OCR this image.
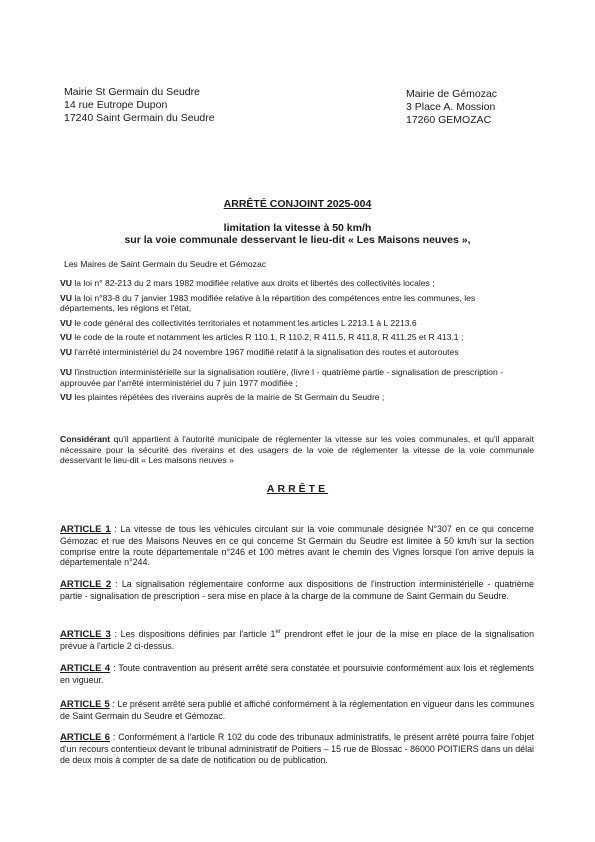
Mairie St Germain du Seudre
14 rue Eutrope Dupon
17240 Saint Germain du Seudre
Mairie de Gémozac
3 Place A. Mossion
17260 GEMOZAC
ARRÊTÉ CONJOINT 2025-004
limitation la vitesse à 50 km/h
sur la voie communale desservant le lieu-dit « Les Maisons neuves »,
Les Maires de Saint Germain du Seudre et Gémozac
VU la loi n° 82-213 du 2 mars 1982 modifiée relative aux droits et libertés des collectivités locales ;
VU la loi n°83-8 du 7 janvier 1983 modifiée relative à la répartition des compétences entre les communes, les départements, les régions et l'état,
VU le code général des collectivités territoriales et notamment les articles L 2213.1 à L 2213.6
VU le code de la route et notamment les articles R 110.1, R 110.2, R 411.5, R 411.8, R 411.25 et R 413.1 ;
VU l'arrêté interministériel du 24 novembre 1967 modifié relatif à la signalisation des routes et autoroutes
VU l'instruction interministérielle sur la signalisation routière, (livre I - quatrième partie - signalisation de prescription - approuvée par l'arrêté interministériel du 7 juin 1977 modifiée ;
VU les plaintes répétées des riverains auprès de la mairie de St Germain du Seudre ;
Considérant qu'il appartient à l'autorité municipale de réglementer la vitesse sur les voies communales, et qu'il apparait nécessaire pour la sécurité des riverains et des usagers de la voie de réglementer la vitesse de la voie communale desservant le lieu-dit « Les maisons neuves »
ARRÊTE
ARTICLE 1 : La vitesse de tous les véhicules circulant sur la voie communale désignée N°307 en ce qui concerne Gémozac et rue des Maisons Neuves en ce qui concerne St Germain du Seudre est limitée à 50 km/h sur la section comprise entre la route départementale n°246 et 100 mètres avant le chemin des Vignes lorsque l'on arrive depuis la départementale n°244.
ARTICLE 2 : La signalisation réglementaire conforme aux dispositions de l'instruction interministérielle - quatrième partie - signalisation de prescription - sera mise en place à la charge de la commune de Saint Germain du Seudre.
ARTICLE 3 : Les dispositions définies par l'article 1er prendront effet le jour de la mise en place de la signalisation prévue à l'article 2 ci-dessus.
ARTICLE 4 : Toute contravention au présent arrêté sera constatée et poursuivie conformément aux lois et règlements en vigueur.
ARTICLE 5 : Le présent arrêté sera publié et affiché conformément à la réglementation en vigueur dans les communes de Saint Germain du Seudre et Gémozac.
ARTICLE 6 : Conformément à l'article R 102 du code des tribunaux administratifs, le présent arrêté pourra faire l'objet d'un recours contentieux devant le tribunal administratif de Poitiers – 15 rue de Blossac - 86000 POITIERS dans un délai de deux mois à compter de sa date de notification ou de publication.
